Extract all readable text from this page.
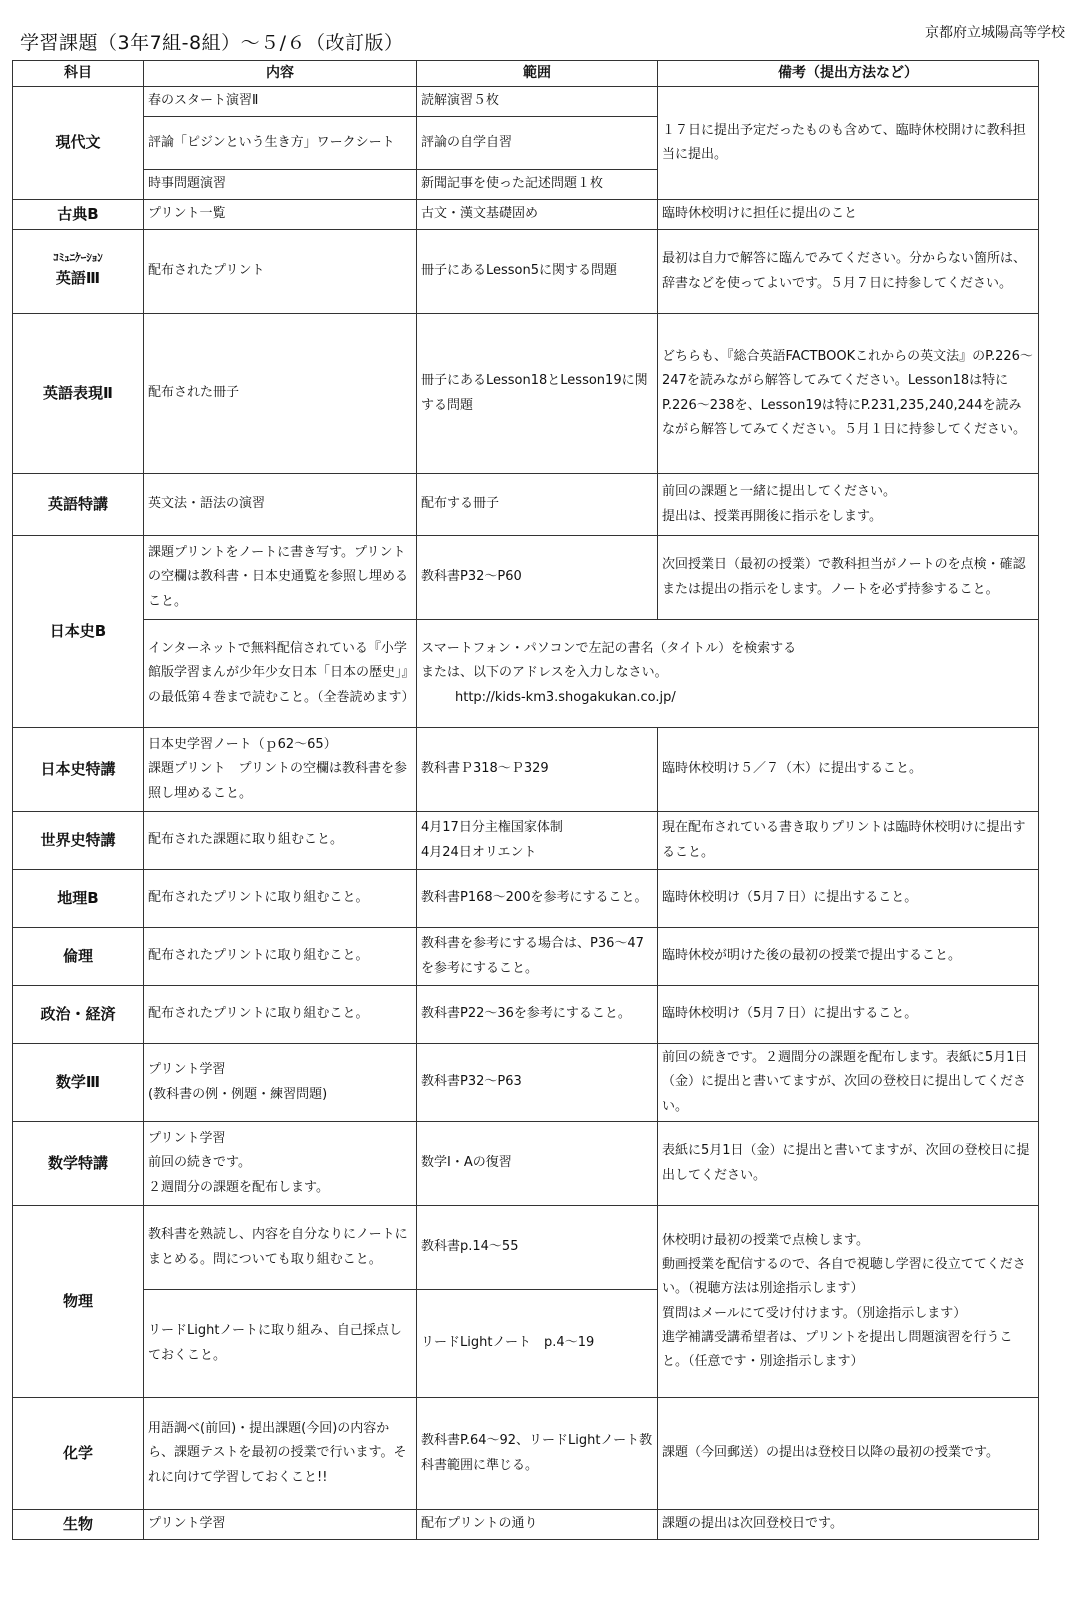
学習課題（3年7組-8組）～５/６（改訂版）	京都府立城陽高等学校
科目	内容	範囲	備考（提出方法など）
現代文	春のスタート演習Ⅱ	読解演習５枚	１７日に提出予定だったものも含めて、臨時休校開けに教科担当に提出。
	評論「ピジンという生き方」ワークシート	評論の自学自習	
	時事問題演習	新聞記事を使った記述問題１枚	
古典B	プリント一覧	古文・漢文基礎固め	臨時休校明けに担任に提出のこと

ｺﾐｭﾆｹｰｼｮﾝ
英語Ⅲ	配布されたプリント	冊子にあるLesson5に関する問題	最初は自力で解答に臨んでみてください。分からない箇所は、辞書などを使ってよいです。５月７日に持参してください。
英語表現Ⅱ	配布された冊子	冊子にあるLesson18とLesson19に関する問題	どちらも、『総合英語FACTBOOKこれからの英文法』のP.226～247を読みながら解答してみてください。Lesson18は特にP.226～238を、Lesson19は特にP.231,235,240,244を読みながら解答してみてください。５月１日に持参してください。
英語特講	英文法・語法の演習	配布する冊子	前回の課題と一緒に提出してください。
提出は、授業再開後に指示をします。
日本史B	課題プリントをノートに書き写す。プリントの空欄は教科書・日本史通覧を参照し埋めること。	教科書P32～P60	次回授業日（最初の授業）で教科担当がノートのを点検・確認または提出の指示をします。ノートを必ず持参すること。
	インターネットで無料配信されている『小学館版学習まんが少年少女日本「日本の歴史」』の最低第４巻まで読むこと。（全巻読めます）	スマートフォン・パソコンで左記の書名（タイトル）を検索する
または、以下のアドレスを入力しなさい。
http://kids-km3.shogakukan.co.jp/	

日本史特講	日本史学習ノート（ｐ62～65）
課題プリント　プリントの空欄は教科書を参照し埋めること。	教科書Ｐ318～Ｐ329	臨時休校明け５／７（木）に提出すること。
世界史特講	配布された課題に取り組むこと。	4月17日分主権国家体制
4月24日オリエント	現在配布されている書き取りプリントは臨時休校明けに提出すること。
地理B	配布されたプリントに取り組むこと。	教科書P168～200を参考にすること。	臨時休校明け（5月７日）に提出すること。
倫理	配布されたプリントに取り組むこと。	教科書を参考にする場合は、P36～47を参考にすること。	臨時休校が明けた後の最初の授業で提出すること。
政治・経済	配布されたプリントに取り組むこと。	教科書P22～36を参考にすること。	臨時休校明け（5月７日）に提出すること。
数学Ⅲ	プリント学習
(教科書の例・例題・練習問題)	教科書P32～P63	前回の続きです。２週間分の課題を配布します。表紙に5月1日（金）に提出と書いてますが、次回の登校日に提出してください。
数学特講	プリント学習
前回の続きです。
２週間分の課題を配布します。	数学Ⅰ・Aの復習	表紙に5月1日（金）に提出と書いてますが、次回の登校日に提出してください。
物理	教科書を熟読し、内容を自分なりにノートにまとめる。問についても取り組むこと。	教科書p.14～55	休校明け最初の授業で点検します。
動画授業を配信するので、各自で視聴し学習に役立ててください。（視聴方法は別途指示します）
質問はメールにて受け付けます。（別途指示します）
進学補講受講希望者は、プリントを提出し問題演習を行うこと。（任意です・別途指示します）
	リードLightノートに取り組み、自己採点しておくこと。	リードLightノート　p.4～19	
化学	用語調べ(前回)・提出課題(今回)の内容から、課題テストを最初の授業で行います。それに向けて学習しておくこと!!	教科書P.64～92、リードLightノート教科書範囲に準じる。	課題（今回郵送）の提出は登校日以降の最初の授業です。
生物	プリント学習	配布プリントの通り	課題の提出は次回登校日です。
